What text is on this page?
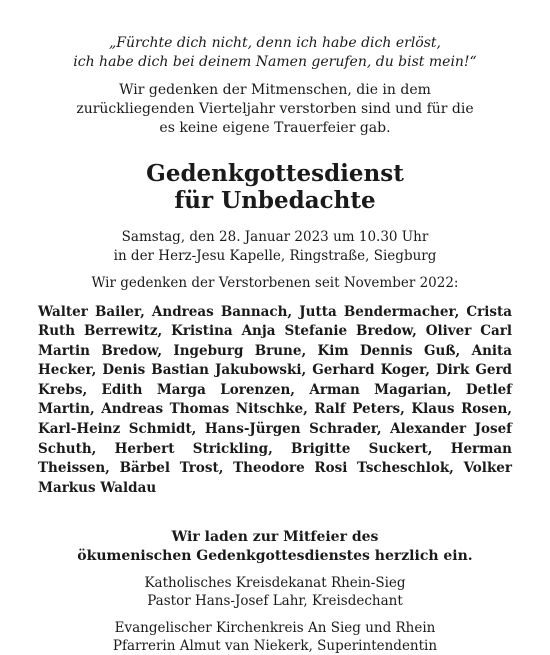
„Fürchte dich nicht, denn ich habe dich erlöst,
ich habe dich bei deinem Namen gerufen, du bist mein!“

Wir gedenken der Mitmenschen, die in dem
zurückliegenden Vierteljahr verstorben sind und für die
es keine eigene Trauerfeier gab.

Gedenkgottesdienst
für Unbedachte

Samstag, den 28. Januar 2023 um 10.30 Uhr
in der Herz-Jesu Kapelle, Ringstraße, Siegburg

Wir gedenken der Verstorbenen seit November 2022:

Walter Bailer, Andreas Bannach, Jutta Bendermacher, Crista Ruth Berrewitz, Kristina Anja Stefanie Bredow, Oliver Carl Martin Bredow, Ingeburg Brune, Kim Dennis Guß, Anita Hecker, Denis Bastian Jakubowski, Gerhard Koger, Dirk Gerd Krebs, Edith Marga Lorenzen, Arman Magarian, Detlef Martin, Andreas Thomas Nitschke, Ralf Peters, Klaus Rosen, Karl-Heinz Schmidt, Hans-Jürgen Schrader, Alexander Josef Schuth, Herbert Strickling, Brigitte Suckert, Herman Theissen, Bärbel Trost, Theodore Rosi Tscheschlok, Volker Markus Waldau

Wir laden zur Mitfeier des
ökumenischen Gedenkgottesdienstes herzlich ein.

Katholisches Kreisdekanat Rhein-Sieg
Pastor Hans-Josef Lahr, Kreisdechant

Evangelischer Kirchenkreis An Sieg und Rhein
Pfarrerin Almut van Niekerk, Superintendentin
